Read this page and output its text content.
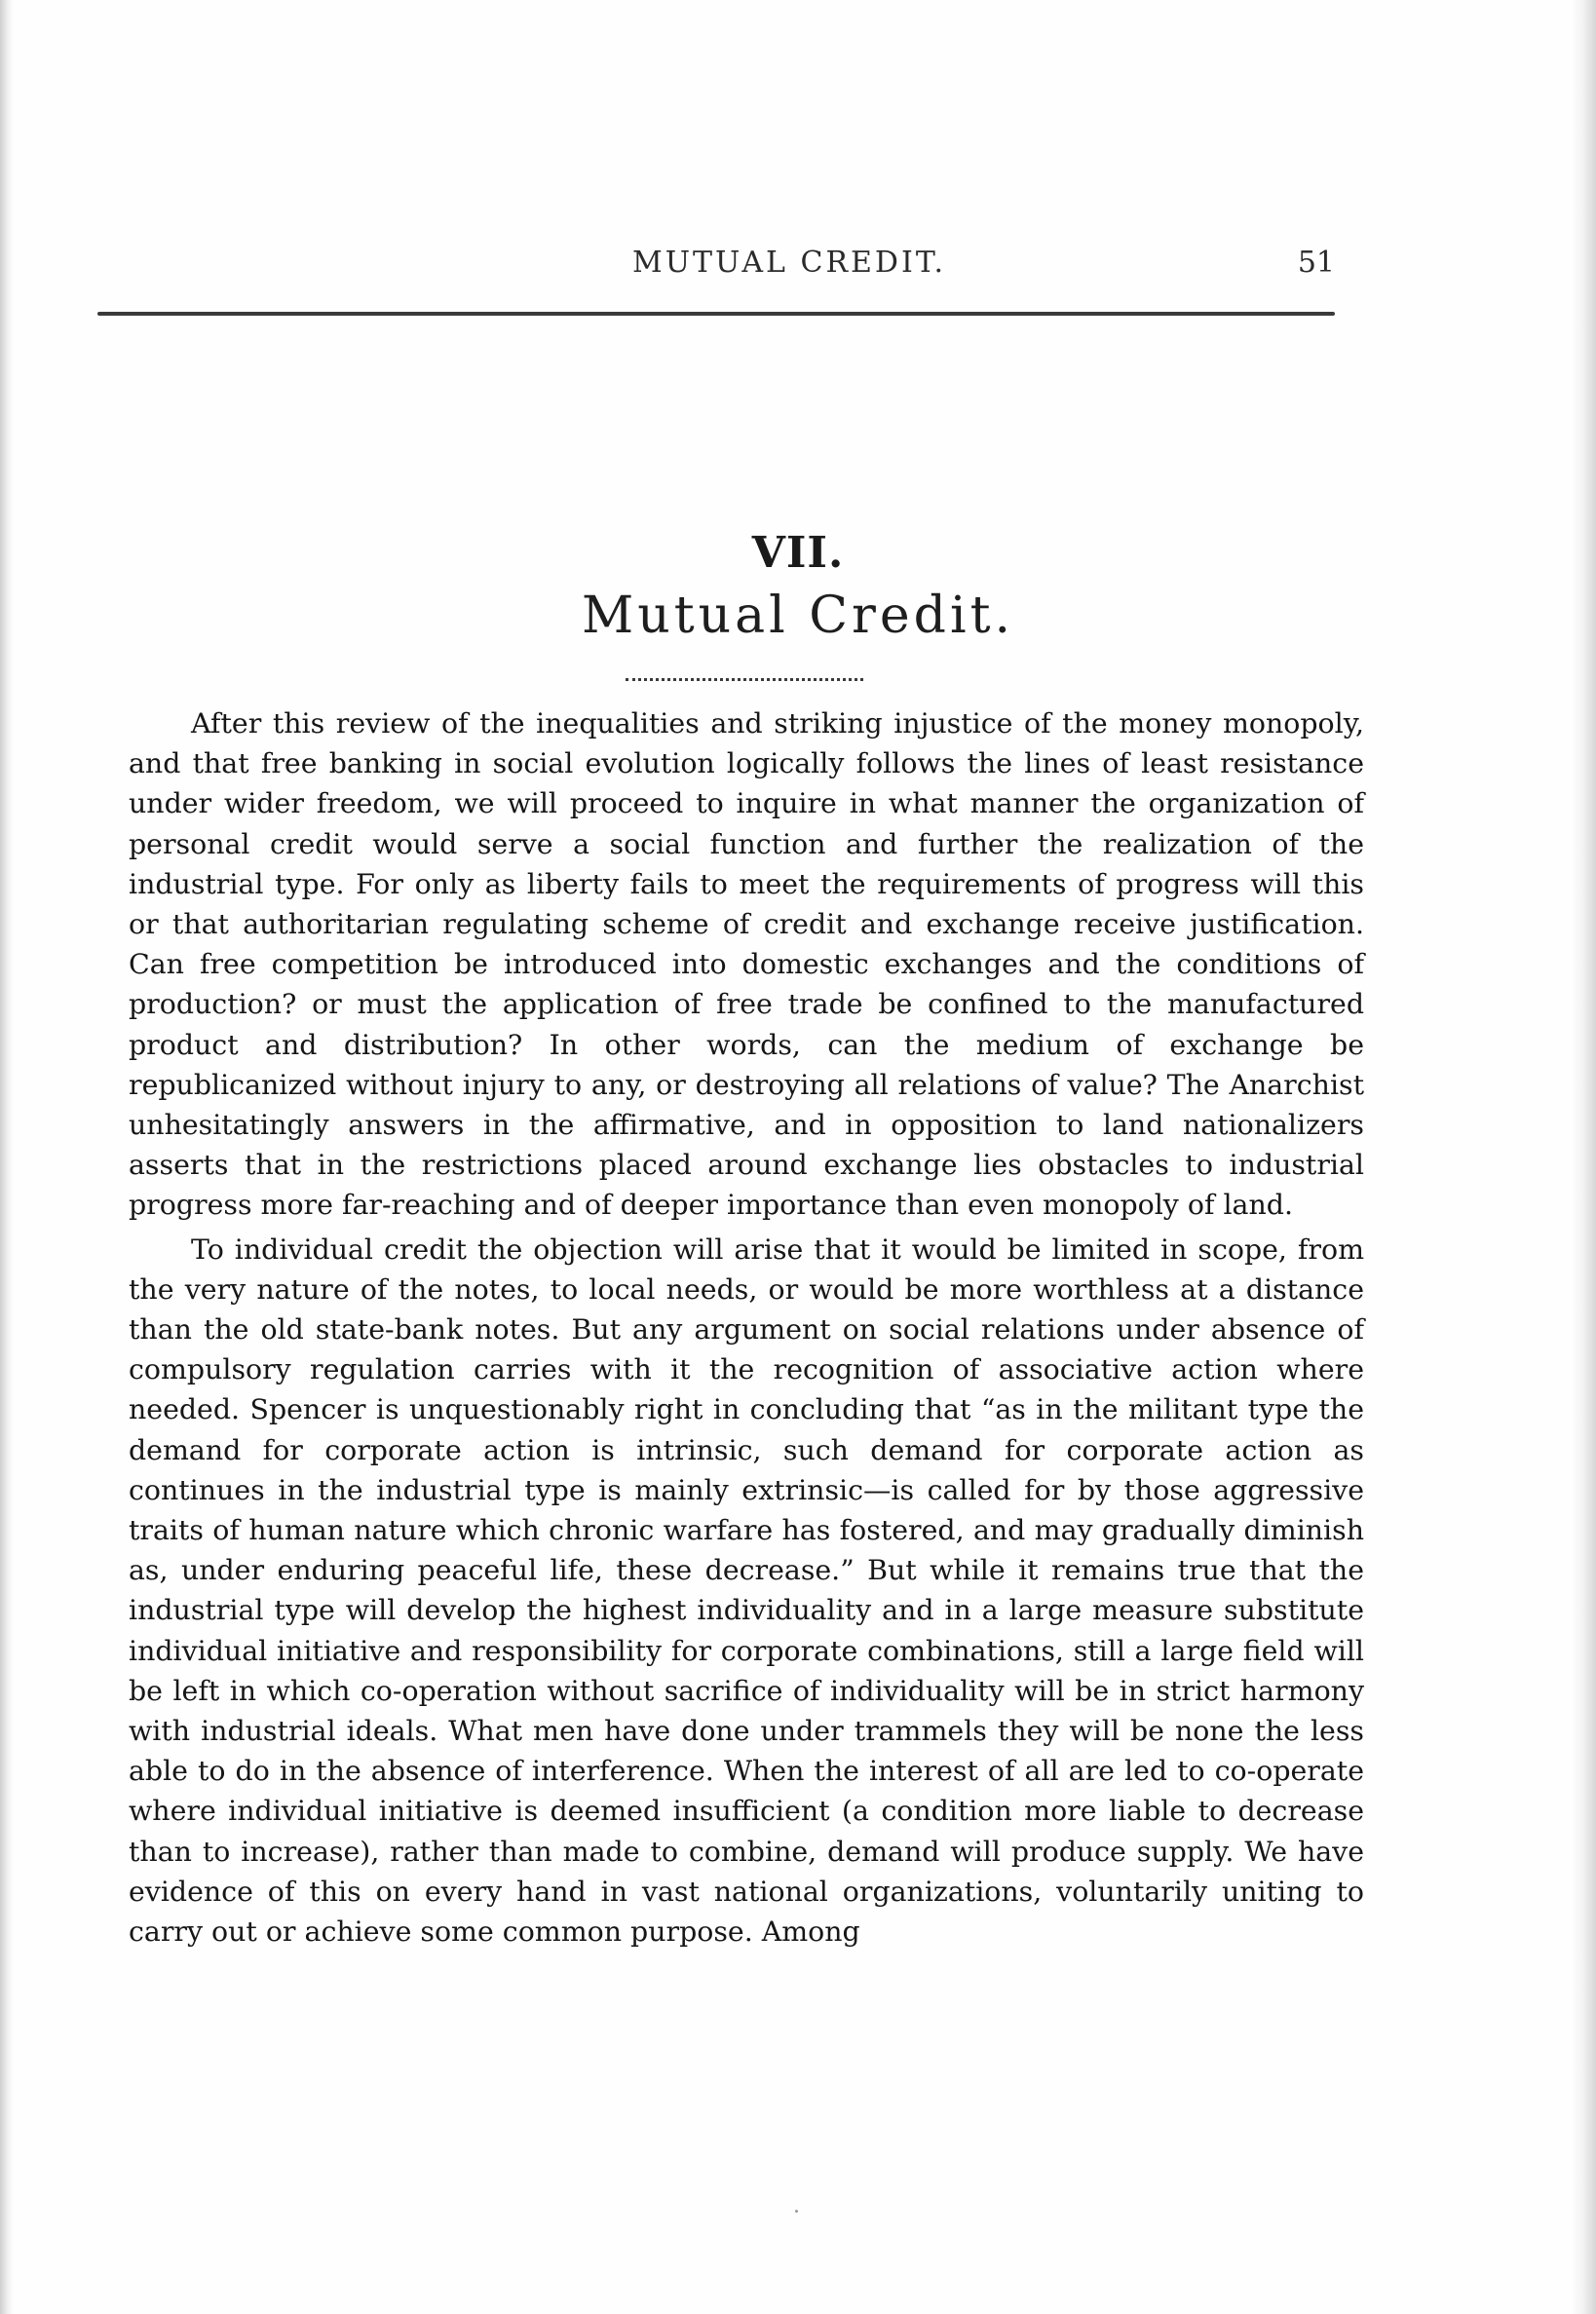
MUTUAL CREDIT.	51
VII.
Mutual Credit.

After this review of the inequalities and striking injustice of the money monopoly, and that free banking in social evolution logically follows the lines of least resistance under wider freedom, we will proceed to inquire in what manner the organization of personal credit would serve a social function and further the realization of the industrial type. For only as liberty fails to meet the requirements of progress will this or that authoritarian regulating scheme of credit and exchange receive justification. Can free competition be introduced into domestic exchanges and the conditions of production? or must the application of free trade be confined to the manufactured product and distribution? In other words, can the medium of exchange be republicanized without injury to any, or destroying all relations of value? The Anarchist unhesitatingly answers in the affirmative, and in opposition to land nationalizers asserts that in the restrictions placed around exchange lies obstacles to industrial progress more far-reaching and of deeper importance than even monopoly of land.

To individual credit the objection will arise that it would be limited in scope, from the very nature of the notes, to local needs, or would be more worthless at a distance than the old state-bank notes. But any argument on social relations under absence of compulsory regulation carries with it the recognition of associative action where needed. Spencer is unquestionably right in concluding that “as in the militant type the demand for corporate action is intrinsic, such demand for corporate action as continues in the industrial type is mainly extrinsic—is called for by those aggressive traits of human nature which chronic warfare has fostered, and may gradually diminish as, under enduring peaceful life, these decrease.” But while it remains true that the industrial type will develop the highest individuality and in a large measure substitute individual initiative and responsibility for corporate combinations, still a large field will be left in which co-operation without sacrifice of individuality will be in strict harmony with industrial ideals. What men have done under trammels they will be none the less able to do in the absence of interference. When the interest of all are led to co-operate where individual initiative is deemed insufficient (a condition more liable to decrease than to increase), rather than made to combine, demand will produce supply. We have evidence of this on every hand in vast national organizations, voluntarily uniting to carry out or achieve some common purpose. Among
